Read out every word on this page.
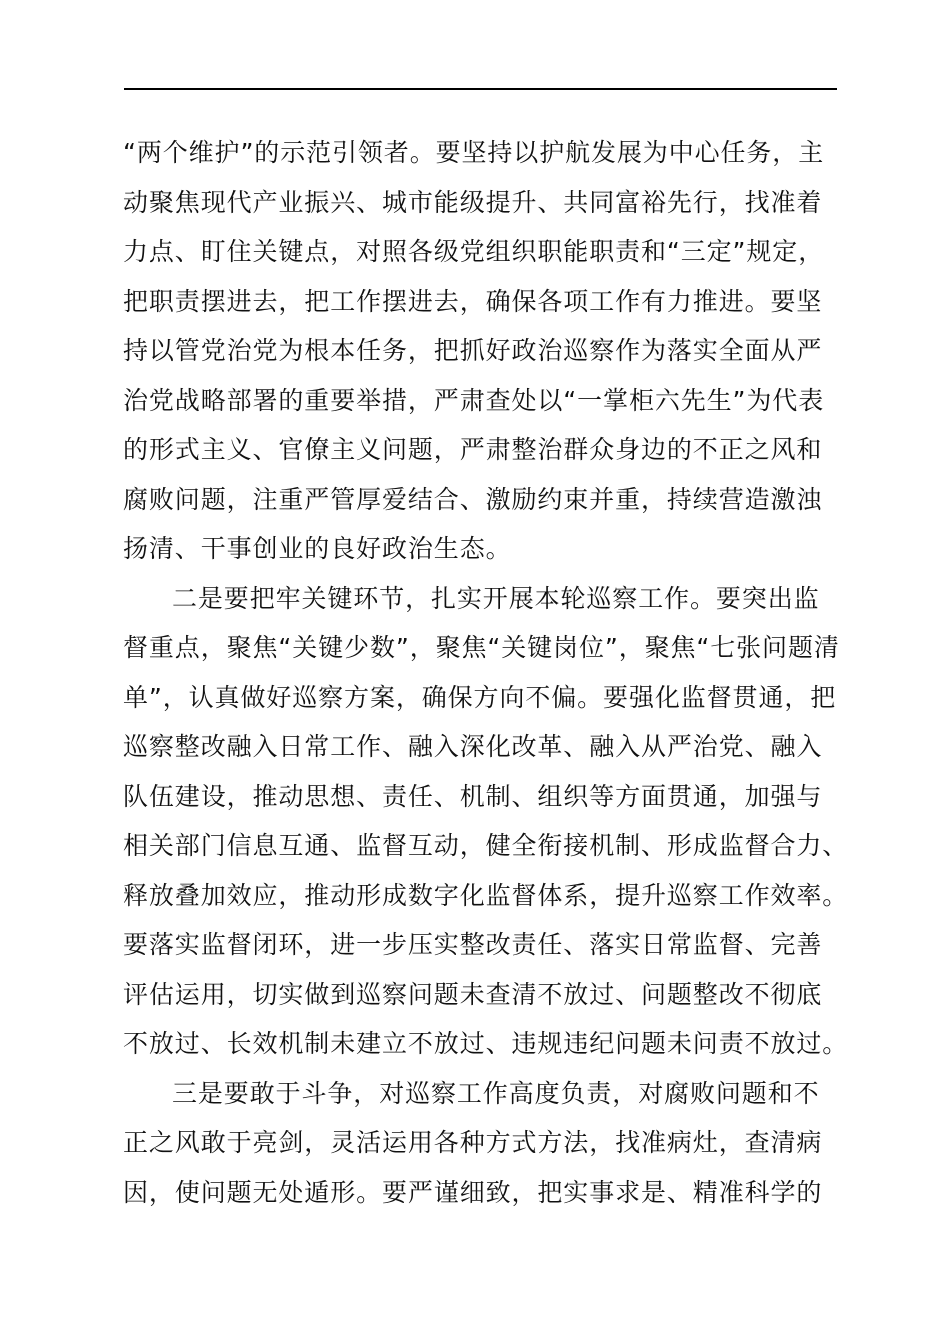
“两个维护”的示范引领者。要坚持以护航发展为中心任务，主
动聚焦现代产业振兴、城市能级提升、共同富裕先行，找准着
力点、盯住关键点，对照各级党组织职能职责和“三定”规定，
把职责摆进去，把工作摆进去，确保各项工作有力推进。要坚
持以管党治党为根本任务，把抓好政治巡察作为落实全面从严
治党战略部署的重要举措，严肃查处以“一掌柜六先生”为代表
的形式主义、官僚主义问题，严肃整治群众身边的不正之风和
腐败问题，注重严管厚爱结合、激励约束并重，持续营造激浊
扬清、干事创业的良好政治生态。
二是要把牢关键环节，扎实开展本轮巡察工作。要突出监
督重点，聚焦“关键少数”，聚焦“关键岗位”，聚焦“七张问题清
单”，认真做好巡察方案，确保方向不偏。要强化监督贯通，把
巡察整改融入日常工作、融入深化改革、融入从严治党、融入
队伍建设，推动思想、责任、机制、组织等方面贯通，加强与
相关部门信息互通、监督互动，健全衔接机制、形成监督合力、
释放叠加效应，推动形成数字化监督体系，提升巡察工作效率。
要落实监督闭环，进一步压实整改责任、落实日常监督、完善
评估运用，切实做到巡察问题未查清不放过、问题整改不彻底
不放过、长效机制未建立不放过、违规违纪问题未问责不放过。
三是要敢于斗争，对巡察工作高度负责，对腐败问题和不
正之风敢于亮剑，灵活运用各种方式方法，找准病灶，查清病
因，使问题无处遁形。要严谨细致，把实事求是、精准科学的
